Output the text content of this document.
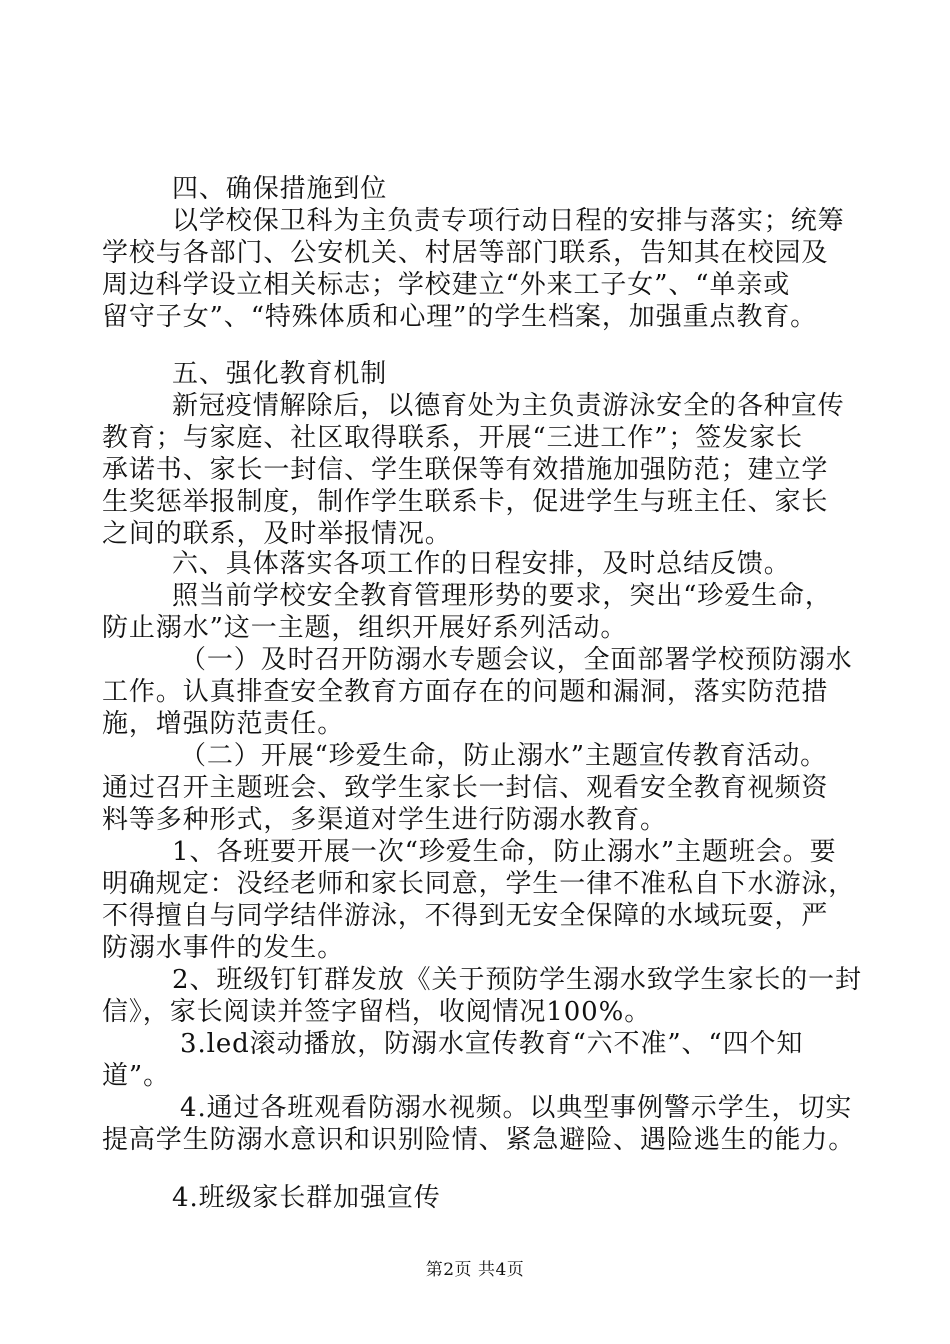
四、确保措施到位
以学校保卫科为主负责专项行动日程的安排与落实；统筹
学校与各部门、公安机关、村居等部门联系，告知其在校园及
周边科学设立相关标志；学校建立“外来工子女”、“单亲或
留守子女”、“特殊体质和心理”的学生档案，加强重点教育。
五、强化教育机制
新冠疫情解除后，以德育处为主负责游泳安全的各种宣传
教育；与家庭、社区取得联系，开展“三进工作”；签发家长
承诺书、家长一封信、学生联保等有效措施加强防范；建立学
生奖惩举报制度，制作学生联系卡，促进学生与班主任、家长
之间的联系，及时举报情况。
六、具体落实各项工作的日程安排，及时总结反馈。
照当前学校安全教育管理形势的要求，突出“珍爱生命，
防止溺水”这一主题，组织开展好系列活动。
（一）及时召开防溺水专题会议，全面部署学校预防溺水
工作。认真排查安全教育方面存在的问题和漏洞，落实防范措
施，增强防范责任。
（二）开展“珍爱生命，防止溺水”主题宣传教育活动。
通过召开主题班会、致学生家长一封信、观看安全教育视频资
料等多种形式，多渠道对学生进行防溺水教育。
1、各班要开展一次“珍爱生命，防止溺水”主题班会。要
明确规定：没经老师和家长同意，学生一律不准私自下水游泳，
不得擅自与同学结伴游泳，不得到无安全保障的水域玩耍，严
防溺水事件的发生。
2、班级钉钉群发放《关于预防学生溺水致学生家长的一封
信》，家长阅读并签字留档，收阅情况100%。
3.led滚动播放，防溺水宣传教育“六不准”、“四个知
道”。
4.通过各班观看防溺水视频。以典型事例警示学生，切实
提高学生防溺水意识和识别险情、紧急避险、遇险逃生的能力。
4.班级家长群加强宣传
第2页 共4页
